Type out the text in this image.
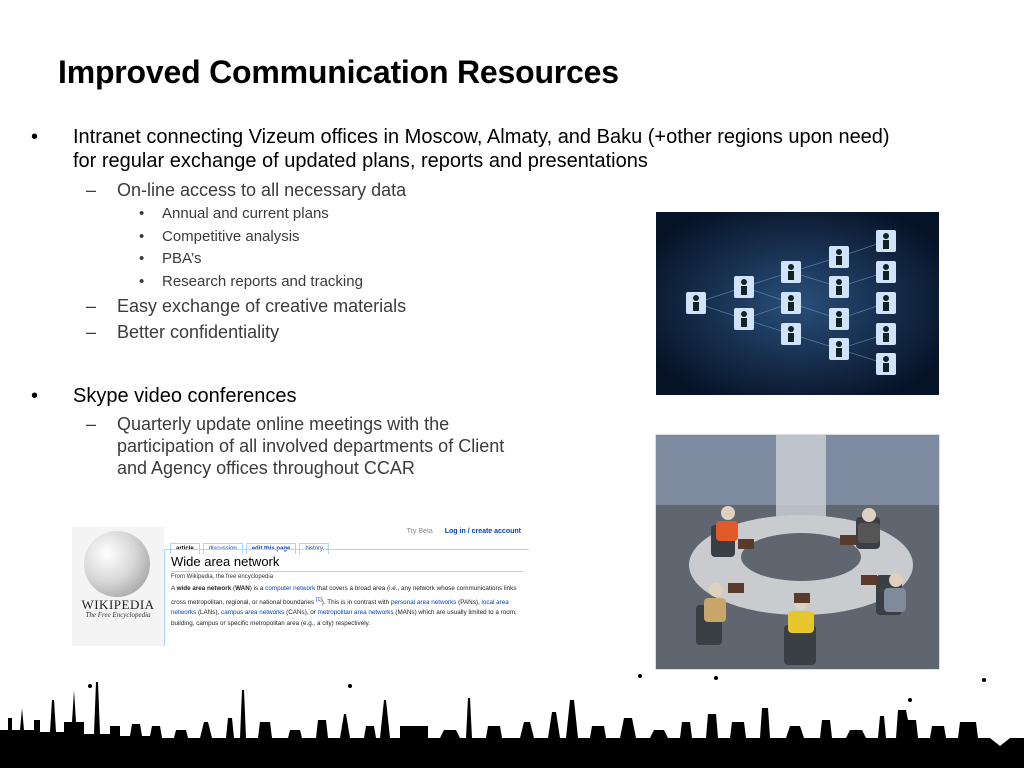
Improved Communication Resources
• Intranet connecting Vizeum offices in Moscow, Almaty, and Baku (+other regions upon need) for regular exchange of updated plans, reports and presentations
– On-line access to all necessary data
• Annual and current plans
• Competitive analysis
• PBA’s
• Research reports and tracking
– Easy exchange of creative materials
– Better confidentiality
• Skype video conferences
– Quarterly update online meetings with the participation of all involved departments of Client and Agency offices throughout CCAR
WIKIPEDIA
The Free Encyclopedia
Try Beta Log in / create account
article	discussion	edit this page	history
Wide area network
From Wikipedia, the free encyclopedia
A wide area network (WAN) is a computer network that covers a broad area (i.e., any network whose communications links cross metropolitan, regional, or national boundaries [1]). This is in contrast with personal area networks (PANs), local area networks (LANs), campus area networks (CANs), or metropolitan area networks (MANs) which are usually limited to a room, building, campus or specific metropolitan area (e.g., a city) respectively.
